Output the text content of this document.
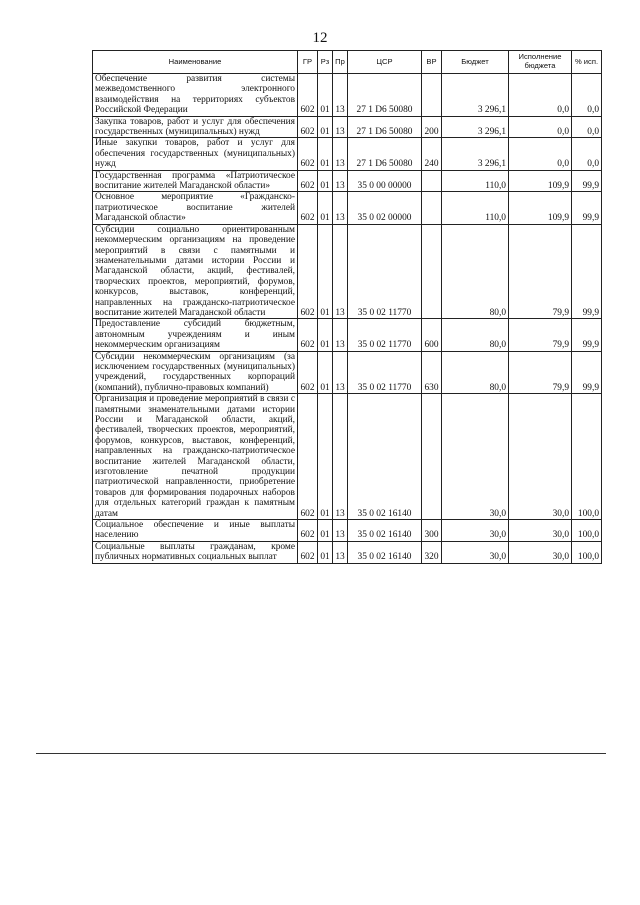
12
Наименование	ГР	Рз	Пр	ЦСР	ВР	Бюджет	Исполнение бюджета	% исп.
Обеспечение развития системы межведомственного электронного взаимодействия на территориях субъектов Российской Федерации	602	01	13	27 1 D6 50080		3 296,1	0,0	0,0
Закупка товаров, работ и услуг для обеспечения государственных (муниципальных) нужд	602	01	13	27 1 D6 50080	200	3 296,1	0,0	0,0
Иные закупки товаров, работ и услуг для обеспечения государственных (муниципальных) нужд	602	01	13	27 1 D6 50080	240	3 296,1	0,0	0,0
Государственная программа «Патриотическое воспитание жителей Магаданской области»	602	01	13	35 0 00 00000		110,0	109,9	99,9
Основное мероприятие «Гражданско-патриотическое воспитание жителей Магаданской области»	602	01	13	35 0 02 00000		110,0	109,9	99,9
Субсидии социально ориентированным некоммерческим организациям на проведение мероприятий в связи с памятными и знаменательными датами истории России и Магаданской области, акций, фестивалей, творческих проектов, мероприятий, форумов, конкурсов, выставок, конференций, направленных на гражданско-патриотическое воспитание жителей Магаданской области	602	01	13	35 0 02 11770		80,0	79,9	99,9
Предоставление субсидий бюджетным, автономным учреждениям и иным некоммерческим организациям	602	01	13	35 0 02 11770	600	80,0	79,9	99,9
Субсидии некоммерческим организациям (за исключением государственных (муниципальных) учреждений, государственных корпораций (компаний), публично-правовых компаний)	602	01	13	35 0 02 11770	630	80,0	79,9	99,9
Организация и проведение мероприятий в связи с памятными знаменательными датами истории России и Магаданской области, акций, фестивалей, творческих проектов, мероприятий, форумов, конкурсов, выставок, конференций, направленных на гражданско-патриотическое воспитание жителей Магаданской области, изготовление печатной продукции патриотической направленности, приобретение товаров для формирования подарочных наборов для отдельных категорий граждан к памятным датам	602	01	13	35 0 02 16140		30,0	30,0	100,0
Социальное обеспечение и иные выплаты населению	602	01	13	35 0 02 16140	300	30,0	30,0	100,0
Социальные выплаты гражданам, кроме публичных нормативных социальных выплат	602	01	13	35 0 02 16140	320	30,0	30,0	100,0
